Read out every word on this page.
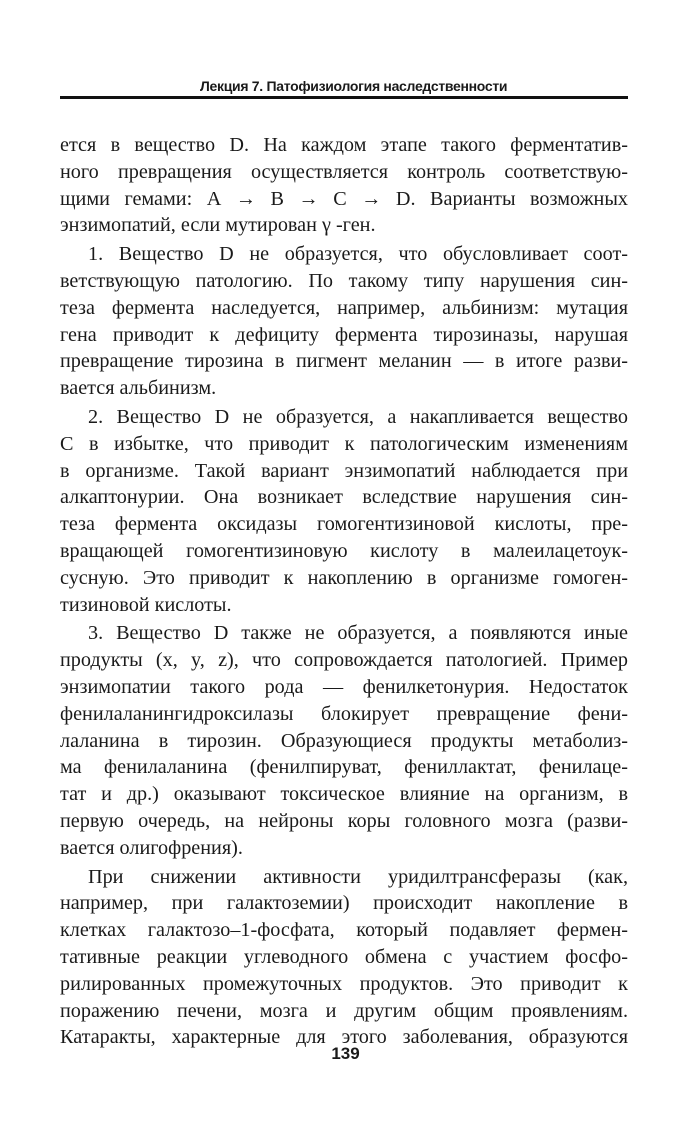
Лекция 7. Патофизиология наследственности

ется в вещество D. На каждом этапе такого ферментатив-
ного превращения осуществляется контроль соответствую-
щими гемами: А → В → С → D. Варианты возможных
энзимопатий, если мутирован γ -ген.

1. Вещество D не образуется, что обусловливает соот-
ветствующую патологию. По такому типу нарушения син-
теза фермента наследуется, например, альбинизм: мутация
гена приводит к дефициту фермента тирозиназы, нарушая
превращение тирозина в пигмент меланин — в итоге разви-
вается альбинизм.

2. Вещество D не образуется, а накапливается вещество
С в избытке, что приводит к патологическим изменениям
в организме. Такой вариант энзимопатий наблюдается при
алкаптонурии. Она возникает вследствие нарушения син-
теза фермента оксидазы гомогентизиновой кислоты, пре-
вращающей гомогентизиновую кислоту в малеилацетоук-
сусную. Это приводит к накоплению в организме гомоген-
тизиновой кислоты.

3. Вещество D также не образуется, а появляются иные
продукты (x, y, z), что сопровождается патологией. Пример
энзимопатии такого рода — фенилкетонурия. Недостаток
фенилаланингидроксилазы блокирует превращение фени-
лаланина в тирозин. Образующиеся продукты метаболиз-
ма фенилаланина (фенилпируват, фениллактат, фенилаце-
тат и др.) оказывают токсическое влияние на организм, в
первую очередь, на нейроны коры головного мозга (разви-
вается олигофрения).

При снижении активности уридилтрансферазы (как,
например, при галактоземии) происходит накопление в
клетках галактозо–1-фосфата, который подавляет фермен-
тативные реакции углеводного обмена с участием фосфо-
рилированных промежуточных продуктов. Это приводит к
поражению печени, мозга и другим общим проявлениям.
Катаракты, характерные для этого заболевания, образуются

139
